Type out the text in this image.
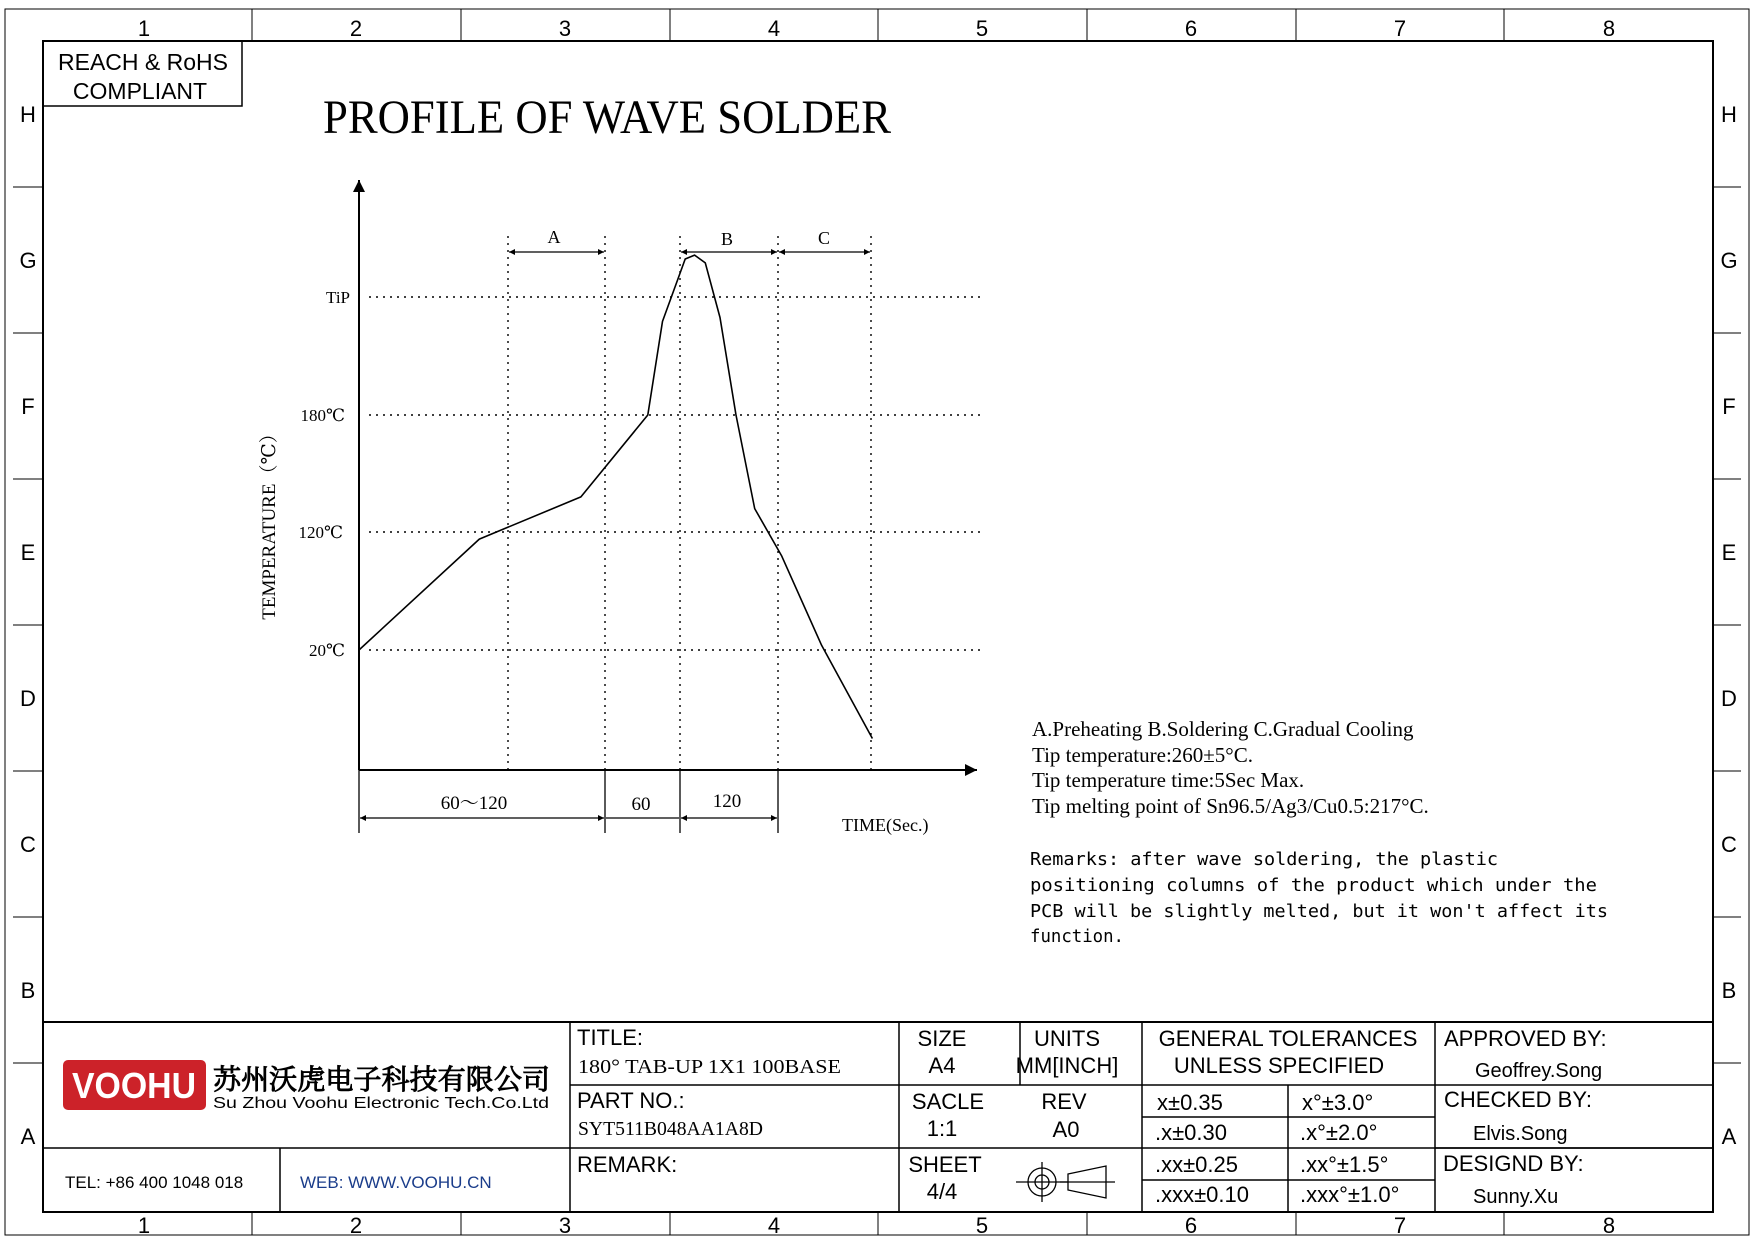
1	2	3	4	5	6	7	8
1	2	3	4	5	6	7	8
H
G
F
E
D
C
B
A
H
G
F
E
D
C
B
A
REACH & RoHS
COMPLIANT PROFILE OF WAVE SOLDER
TiP
180℃
120℃
20℃
TEMPERATURE（℃）
A	B	C
60～120	60	120
TIME(Sec.)
A.Preheating B.Soldering C.Gradual Cooling
Tip temperature:260±5°C.
Tip temperature time:5Sec Max.
Tip melting point of Sn96.5/Ag3/Cu0.5:217°C.
Remarks: after wave soldering, the plastic
positioning columns of the product which under the
PCB will be slightly melted, but it won't affect its
function.
VOOHU 苏州沃虎电子科技有限公司
Su Zhou Voohu Electronic Tech.Co.Ltd
TEL: +86 400 1048 018	WEB: WWW.VOOHU.CN
TITLE:
180° TAB-UP 1X1 100BASE
PART NO.:
SYT511B048AA1A8D
REMARK:
SIZE
A4
SACLE
1:1
SHEET
4/4
UNITS
MM[INCH]
REV
A0
GENERAL TOLERANCES
UNLESS SPECIFIED
x±0.35	x°±3.0°
.x±0.30	.x°±2.0°
.xx±0.25	.xx°±1.5°
.xxx±0.10 .xxx°±1.0°
APPROVED BY:
Geoffrey.Song
CHECKED BY:
Elvis.Song
DESIGND BY:
Sunny.Xu
